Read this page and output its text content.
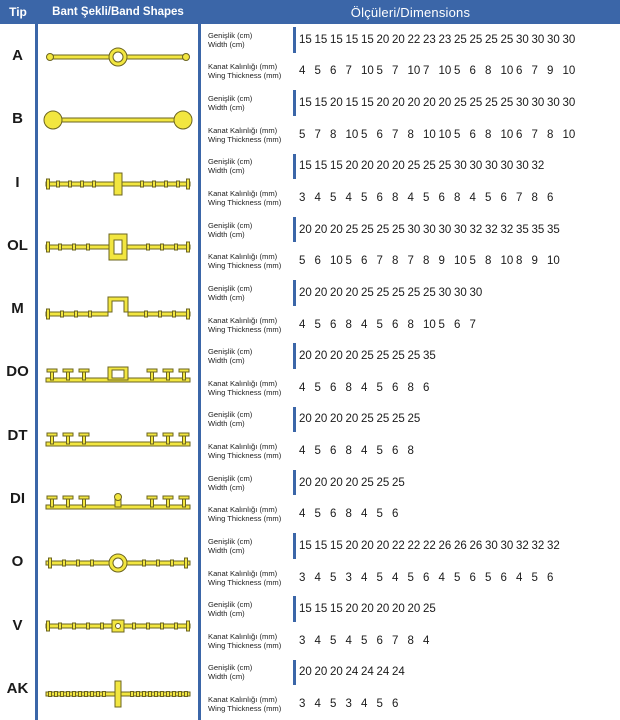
Tip	Bant Şekli/Band Shapes	Ölçüleri/Dimensions
A
Genişlik (cm)
Width (cm)	15 15 15 15 15 20 20 22 23 23 25 25 25 25 30 30 30 30
Kanat Kalınlığı (mm)
Wing Thickness (mm)	4 5 6 7 10 5 7 10 7 10 5 6 8 10 6 7 9 10
B
Genişlik (cm)
Width (cm)	15 15 20 15 15 20 20 20 20 20 25 25 25 25 30 30 30 30
Kanat Kalınlığı (mm)
Wing Thickness (mm)	5 7 8 10 5 6 7 8 10 10 5 6 8 10 6 7 8 10
I
Genişlik (cm)
Width (cm)	15 15 15 20 20 20 20 25 25 25 30 30 30 30 30 32
Kanat Kalınlığı (mm)
Wing Thickness (mm)	3 4 5 4 5 6 8 4 5 6 8 4 5 6 7 8 6
OL
Genişlik (cm)
Width (cm)	20 20 20 25 25 25 25 30 30 30 30 32 32 32 35 35 35
Kanat Kalınlığı (mm)
Wing Thickness (mm)	5 6 10 5 6 7 8 7 8 9 10 5 8 10 8 9 10
M
Genişlik (cm)
Width (cm)	20 20 20 20 25 25 25 25 25 30 30 30
Kanat Kalınlığı (mm)
Wing Thickness (mm)	4 5 6 8 4 5 6 8 10 5 6 7
DO
Genişlik (cm)
Width (cm)	20 20 20 20 25 25 25 25 35
Kanat Kalınlığı (mm)
Wing Thickness (mm)	4 5 6 8 4 5 6 8 6
DT
Genişlik (cm)
Width (cm)	20 20 20 20 25 25 25 25
Kanat Kalınlığı (mm)
Wing Thickness (mm)	4 5 6 8 4 5 6 8
DI
Genişlik (cm)
Width (cm)	20 20 20 20 25 25 25
Kanat Kalınlığı (mm)
Wing Thickness (mm)	4 5 6 8 4 5 6
O
Genişlik (cm)
Width (cm)	15 15 15 20 20 20 22 22 22 26 26 26 30 30 32 32 32
Kanat Kalınlığı (mm)
Wing Thickness (mm)	3 4 5 3 4 5 4 5 6 4 5 6 5 6 4 5 6
V
Genişlik (cm)
Width (cm)	15 15 15 20 20 20 20 20 25
Kanat Kalınlığı (mm)
Wing Thickness (mm)	3 4 5 4 5 6 7 8 4
AK
Genişlik (cm)
Width (cm)	20 20 20 24 24 24 24
Kanat Kalınlığı (mm)
Wing Thickness (mm)	3 4 5 3 4 5 6
